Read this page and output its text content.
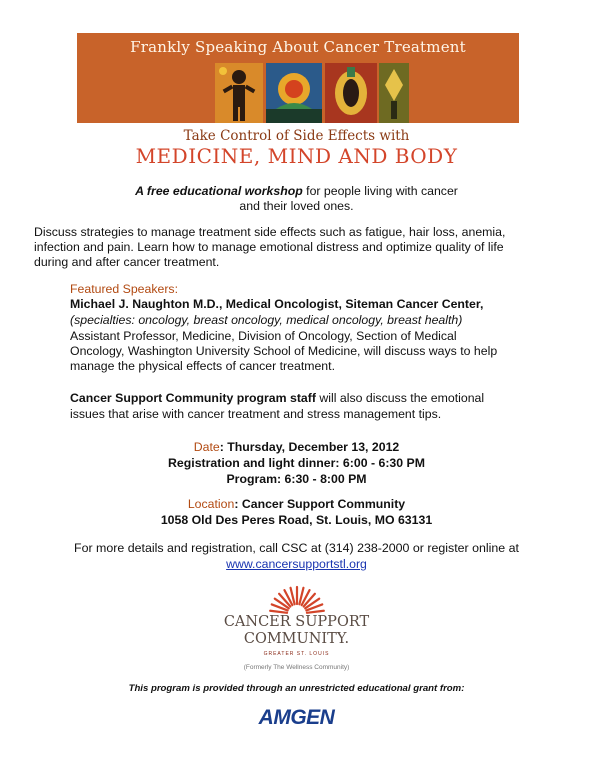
Frankly Speaking About Cancer Treatment
Take Control of Side Effects with
MEDICINE, MIND AND BODY
A free educational workshop for people living with cancer
and their loved ones.
Discuss strategies to manage treatment side effects such as fatigue, hair loss, anemia,
infection and pain. Learn how to manage emotional distress and optimize quality of life
during and after cancer treatment.
Featured Speakers:
Michael J. Naughton M.D., Medical Oncologist, Siteman Cancer Center,
(specialties: oncology, breast oncology, medical oncology, breast health)
Assistant Professor, Medicine, Division of Oncology, Section of Medical
Oncology, Washington University School of Medicine, will discuss ways to help
manage the physical effects of cancer treatment.
Cancer Support Community program staff will also discuss the emotional
issues that arise with cancer treatment and stress management tips.
Date: Thursday, December 13, 2012
Registration and light dinner: 6:00 - 6:30 PM
Program: 6:30 - 8:00 PM
Location: Cancer Support Community
1058 Old Des Peres Road, St. Louis, MO 63131
For more details and registration, call CSC at (314) 238-2000 or register online at
www.cancersupportstl.org
CANCER SUPPORT
COMMUNITY.
GREATER ST. LOUIS
(Formerly The Wellness Community)
This program is provided through an unrestricted educational grant from:
AMGEN
